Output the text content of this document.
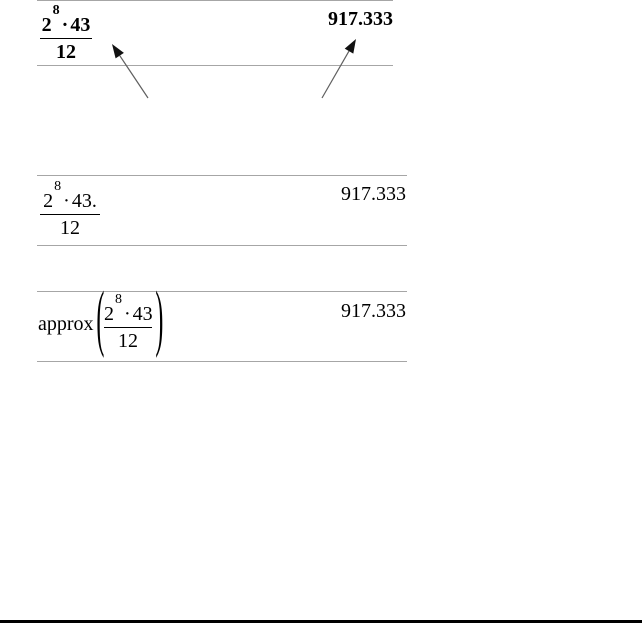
$2^8\cdot 43$
12
917.333
$2^8\cdot 43$.
12
917.333
approx ( $2^8\cdot 43$
12 )	917.333
